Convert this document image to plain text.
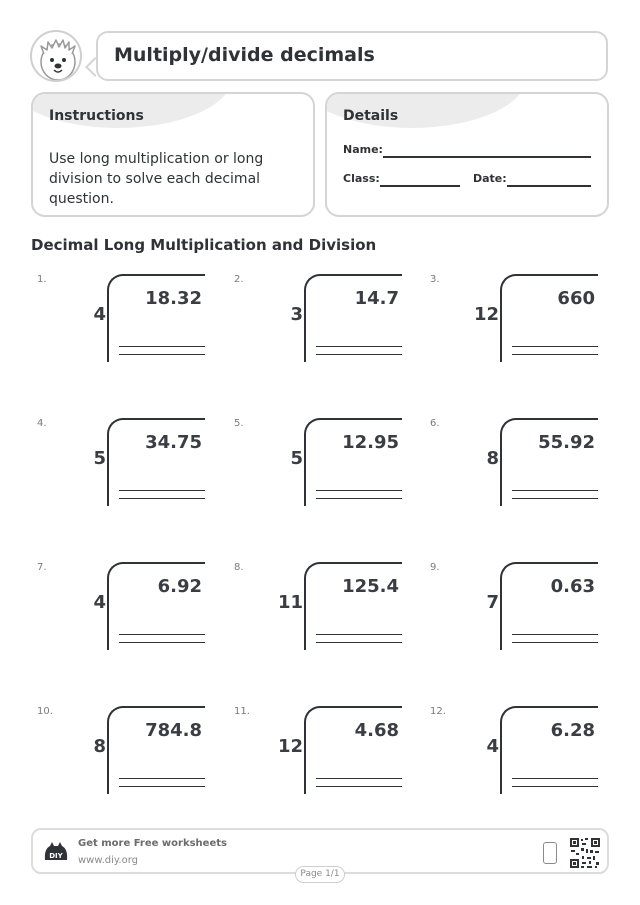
Multiply/divide decimals
Instructions
Use long multiplication or long division to solve each decimal question.
Details
Name:
Class:	Date:
Decimal Long Multiplication and Division
1.
4
18.32
2.
3
14.7
3.
12
660
4.
5
34.75
5.
5
12.95
6.
8
55.92
7.
4
6.92
8.
11
125.4
9.
7
0.63
10.
8
784.8
11.
12
4.68
12.
4
6.28
DIY
Get more Free worksheets
www.diy.org
Page 1/1
